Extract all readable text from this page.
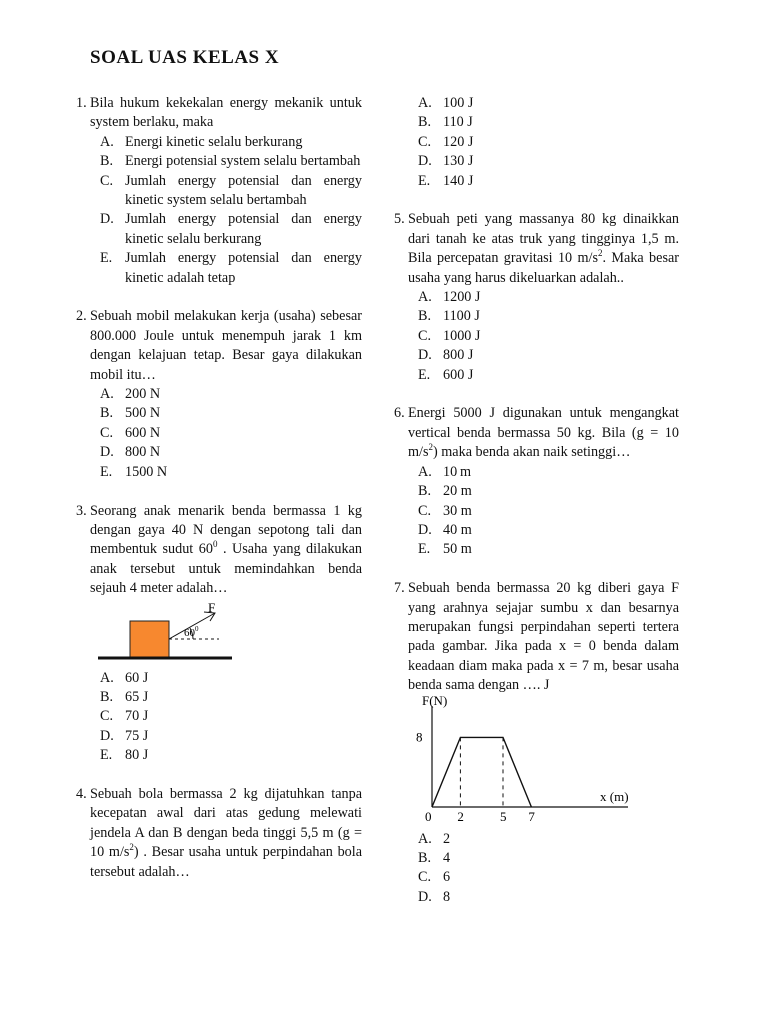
SOAL UAS KELAS X
1. Bila hukum kekekalan energy mekanik untuk system berlaku, maka
A. Energi kinetic selalu berkurang
B. Energi potensial system selalu bertambah
C. Jumlah energy potensial dan energy kinetic system selalu bertambah
D. Jumlah energy potensial dan energy kinetic selalu berkurang
E. Jumlah energy potensial dan energy kinetic adalah tetap
2. Sebuah mobil melakukan kerja (usaha) sebesar 800.000 Joule untuk menempuh jarak 1 km dengan kelajuan tetap. Besar gaya dilakukan mobil itu…
A. 200 N
B. 500 N
C. 600 N
D. 800 N
E. 1500 N
3. Seorang anak menarik benda bermassa 1 kg dengan gaya 40 N dengan sepotong tali dan membentuk sudut $60^0$ . Usaha yang dilakukan anak tersebut untuk memindahkan benda sejauh 4 meter adalah…
F
$60^0$
A. 60 J
B. 65 J
C. 70 J
D. 75 J
E. 80 J
4. Sebuah bola bermassa 2 kg dijatuhkan tanpa kecepatan awal dari atas gedung melewati jendela A dan B dengan beda tinggi 5,5 m (g = 10 $m/s^2$) . Besar usaha untuk perpindahan bola tersebut adalah…
A. 100 J
B. 110 J
C. 120 J
D. 130 J
E. 140 J
5. Sebuah peti yang massanya 80 kg dinaikkan dari tanah ke atas truk yang tingginya 1,5 m. Bila percepatan gravitasi 10 $m/s^2$. Maka besar usaha yang harus dikeluarkan adalah..
A. 1200 J
B. 1100 J
C. 1000 J
D. 800 J
E. 600 J
6. Energi 5000 J digunakan untuk mengangkat vertical benda bermassa 50 kg. Bila (g = 10 $m/s^2$) maka benda akan naik setinggi…
A. 10 m
B. 20 m
C. 30 m
D. 40 m
E. 50 m
7. Sebuah benda bermassa 20 kg diberi gaya F yang arahnya sejajar sumbu x dan besarnya merupakan fungsi perpindahan seperti tertera pada gambar. Jika pada x = 0 benda dalam keadaan diam maka pada x = 7 m, besar usaha benda sama dengan …. J
F(N)
x (m)
0 2	5 7
8
A. 2
B. 4
C. 6
D. 8
